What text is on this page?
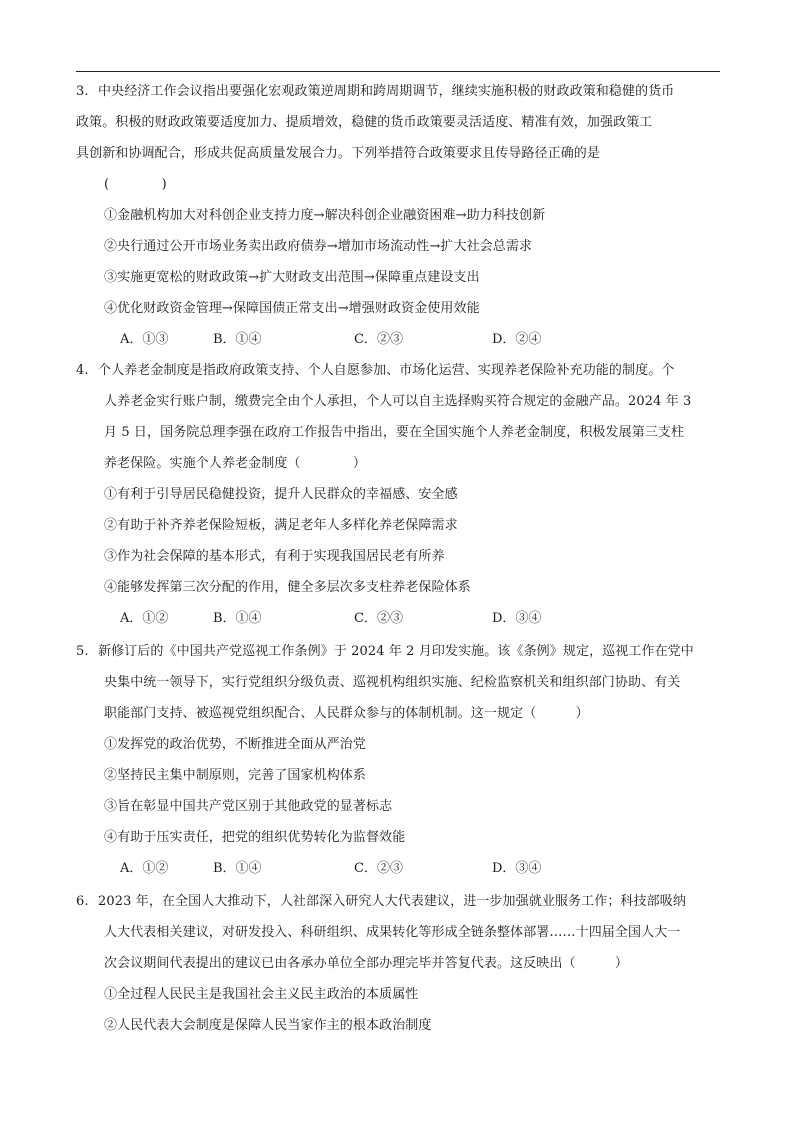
3. 中央经济工作会议指出要强化宏观政策逆周期和跨周期调节，继续实施积极的财政政策和稳健的货币
政策。积极的财政政策要适度加力、提质增效，稳健的货币政策要灵活适度、精准有效，加强政策工
具创新和协调配合，形成共促高质量发展合力。下列举措符合政策要求且传导路径正确的是
(　　　　)
①金融机构加大对科创企业支持力度→解决科创企业融资困难→助力科技创新
②央行通过公开市场业务卖出政府债券→增加市场流动性→扩大社会总需求
③实施更宽松的财政政策→扩大财政支出范围→保障重点建设支出
④优化财政资金管理→保障国债正常支出→增强财政资金使用效能
A．①③	B．①④	C．②③	D．②④
4. 个人养老金制度是指政府政策支持、个人自愿参加、市场化运营、实现养老保险补充功能的制度。个
人养老金实行账户制，缴费完全由个人承担，个人可以自主选择购买符合规定的金融产品。2024 年 3
月 5 日，国务院总理李强在政府工作报告中指出，要在全国实施个人养老金制度，积极发展第三支柱
养老保险。实施个人养老金制度（　　　　）
①有利于引导居民稳健投资，提升人民群众的幸福感、安全感
②有助于补齐养老保险短板，满足老年人多样化养老保障需求
③作为社会保障的基本形式，有利于实现我国居民老有所养
④能够发挥第三次分配的作用，健全多层次多支柱养老保险体系
A．①②	B．①④	C．②③	D．③④
5. 新修订后的《中国共产党巡视工作条例》于 2024 年 2 月印发实施。该《条例》规定，巡视工作在党中
央集中统一领导下，实行党组织分级负责、巡视机构组织实施、纪检监察机关和组织部门协助、有关
职能部门支持、被巡视党组织配合、人民群众参与的体制机制。这一规定（　　　）
①发挥党的政治优势，不断推进全面从严治党
②坚持民主集中制原则，完善了国家机构体系
③旨在彰显中国共产党区别于其他政党的显著标志
④有助于压实责任，把党的组织优势转化为监督效能
A．①②	B．①④	C．②③	D．③④
6. 2023 年，在全国人大推动下，人社部深入研究人大代表建议，进一步加强就业服务工作；科技部吸纳
人大代表相关建议，对研发投入、科研组织、成果转化等形成全链条整体部署……十四届全国人大一
次会议期间代表提出的建议已由各承办单位全部办理完毕并答复代表。这反映出（　　　）
①全过程人民民主是我国社会主义民主政治的本质属性
②人民代表大会制度是保障人民当家作主的根本政治制度
